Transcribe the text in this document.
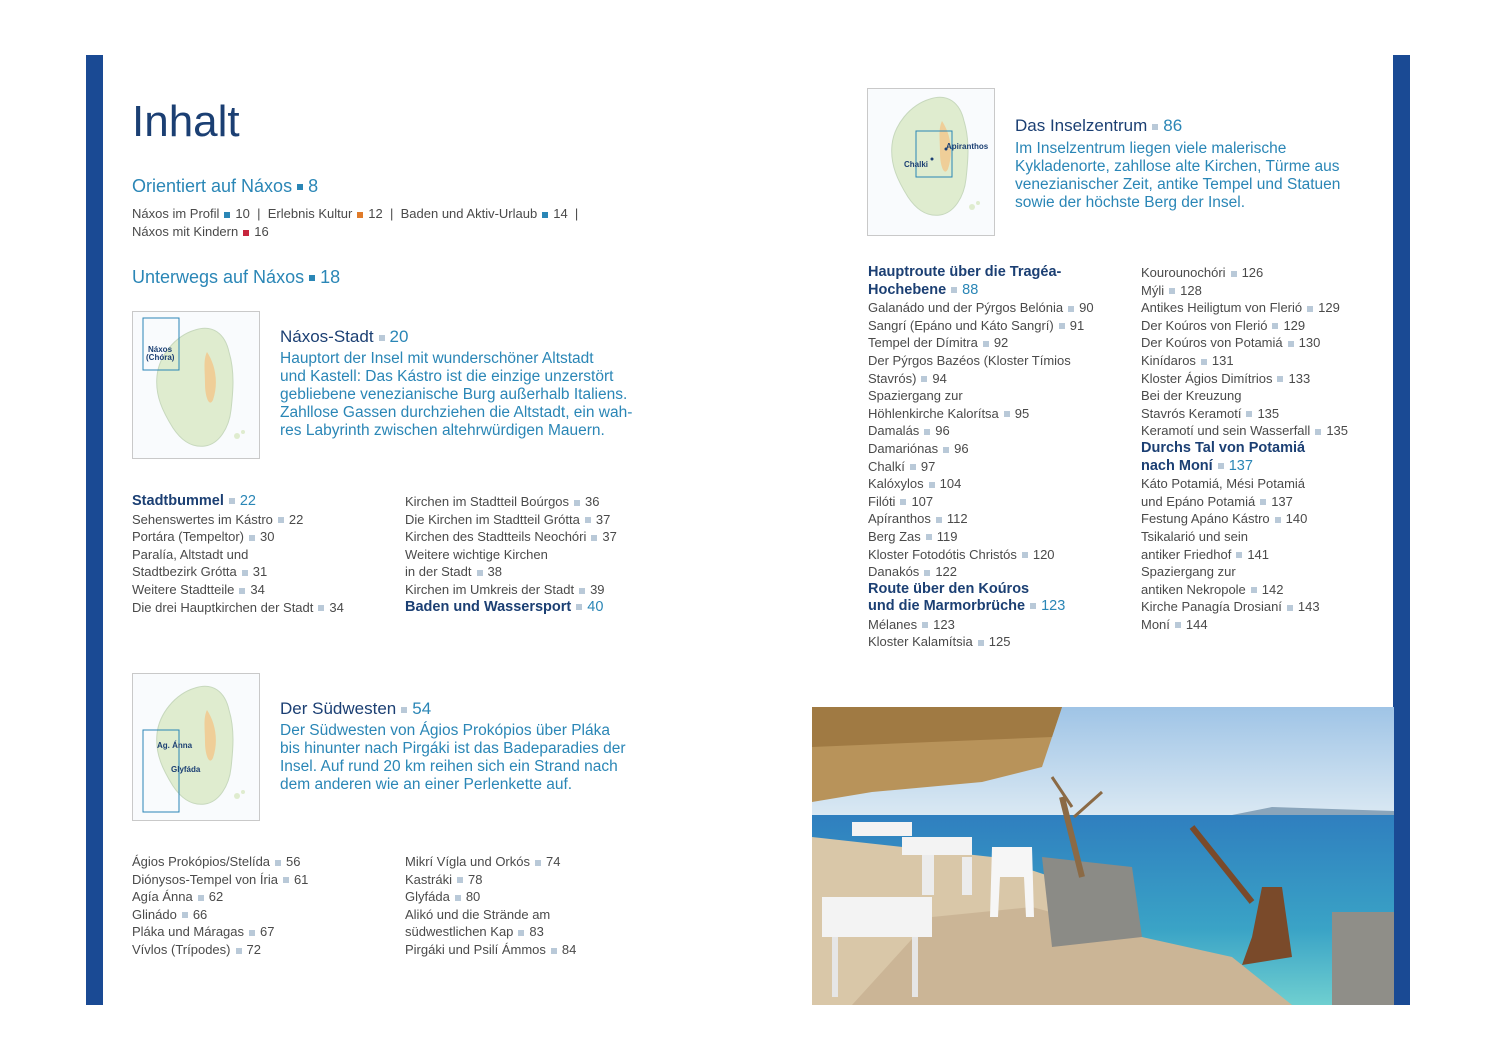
Inhalt
Orientiert auf Náxos 8
Náxos im Profil 10  |  Erlebnis Kultur 12  |  Baden und Aktiv-Urlaub 14  |
Náxos mit Kindern 16
Unterwegs auf Náxos 18
Náxos
(Chóra)
Náxos-Stadt 20
Hauptort der Insel mit wunderschöner Altstadt
und Kastell: Das Kástro ist die einzige unzerstört
gebliebene venezianische Burg außerhalb Italiens.
Zahllose Gassen durchziehen die Altstadt, ein wah-
res Labyrinth zwischen altehrwürdigen Mauern.
Stadtbummel 22
Sehenswertes im Kástro 22
Portára (Tempeltor) 30
Paralía, Altstadt und
Stadtbezirk Grótta 31
Weitere Stadtteile 34
Die drei Hauptkirchen der Stadt 34
Kirchen im Stadtteil Boúrgos 36
Die Kirchen im Stadtteil Grótta 37
Kirchen des Stadtteils Neochóri 37
Weitere wichtige Kirchen
in der Stadt 38
Kirchen im Umkreis der Stadt 39
Baden und Wassersport 40
Ag. Ánna
Glyfáda
Der Südwesten 54
Der Südwesten von Ágios Prokópios über Pláka
bis hinunter nach Pirgáki ist das Badeparadies der
Insel. Auf rund 20 km reihen sich ein Strand nach
dem anderen wie an einer Perlenkette auf.
Ágios Prokópios/Stelída 56
Diónysos-Tempel von Íria 61
Agía Ánna 62
Glinádo 66
Pláka und Máragas 67
Vívlos (Trípodes) 72
Mikrí Vígla und Orkós 74
Kastráki 78
Glyfáda 80
Alikó und die Strände am
südwestlichen Kap 83
Pirgáki und Psilí Ámmos 84
Apiranthos
Chalki
Das Inselzentrum 86
Im Inselzentrum liegen viele malerische
Kykladenorte, zahllose alte Kirchen, Türme aus
venezianischer Zeit, antike Tempel und Statuen
sowie der höchste Berg der Insel.
Hauptroute über die Tragéa-
Hochebene 88
Galanádo und der Pýrgos Belónia 90
Sangrí (Epáno und Káto Sangrí) 91
Tempel der Dímitra 92
Der Pýrgos Bazéos (Kloster Tímios
Stavrós) 94
Spaziergang zur
Höhlenkirche Kalorítsa 95
Damalás 96
Damariónas 96
Chalkí 97
Kalóxylos 104
Filóti 107
Apíranthos 112
Berg Zas 119
Kloster Fotodótis Christós 120
Danakós 122
Route über den Koúros
und die Marmorbrüche 123
Mélanes 123
Kloster Kalamítsia 125
Kourounochóri 126
Mýli 128
Antikes Heiligtum von Flerió 129
Der Koúros von Flerió 129
Der Koúros von Potamiá 130
Kinídaros 131
Kloster Ágios Dimítrios 133
Bei der Kreuzung
Stavrós Keramotí 135
Keramotí und sein Wasserfall 135
Durchs Tal von Potamiá
nach Moní 137
Káto Potamiá, Mési Potamiá
und Epáno Potamiá 137
Festung Apáno Kástro 140
Tsikalarió und sein
antiker Friedhof 141
Spaziergang zur
antiken Nekropole 142
Kirche Panagía Drosianí 143
Moní 144
